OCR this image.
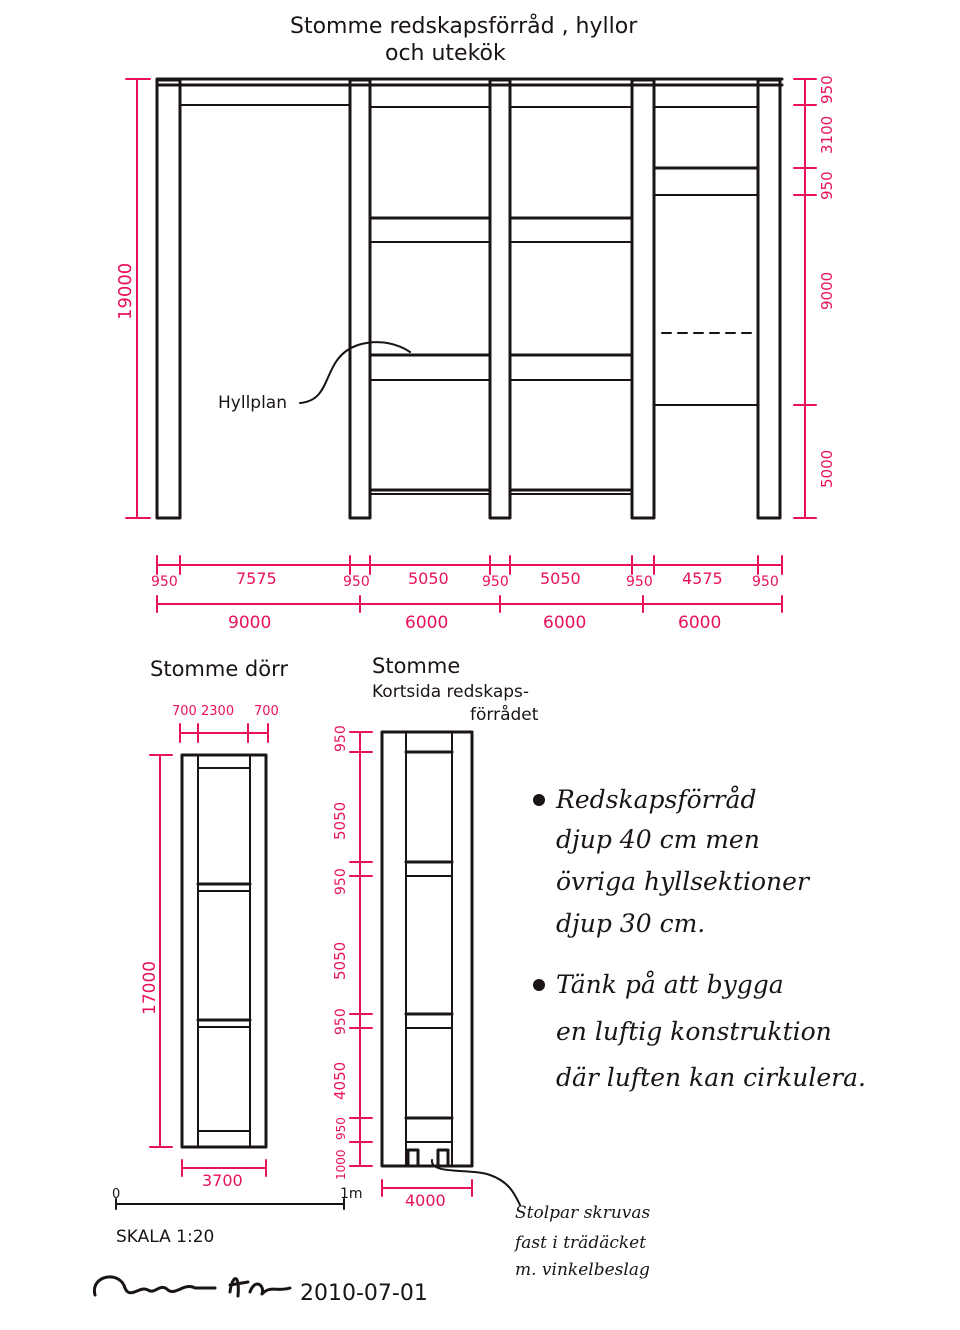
Stomme redskapsförråd , hyllor
och utekök
Hyllplan
19000
950
3100
950
9000
5000
950	7575	950 5050 950 5050	950 4575 950
9000	6000	6000	6000
Stomme dörr
700 2300 700
17000
3700
Stomme
Kortsida redskaps-
förrådet
950
5050
950
5050
950
4050
950
1000
4000
Stolpar skruvas
fast i trädäcket
m. vinkelbeslag
Redskapsförråd
djup 40 cm men
övriga hyllsektioner
djup 30 cm.
Tänk på att bygga
en luftig konstruktion
där luften kan cirkulera.
0	1m
SKALA 1:20
2010-07-01
